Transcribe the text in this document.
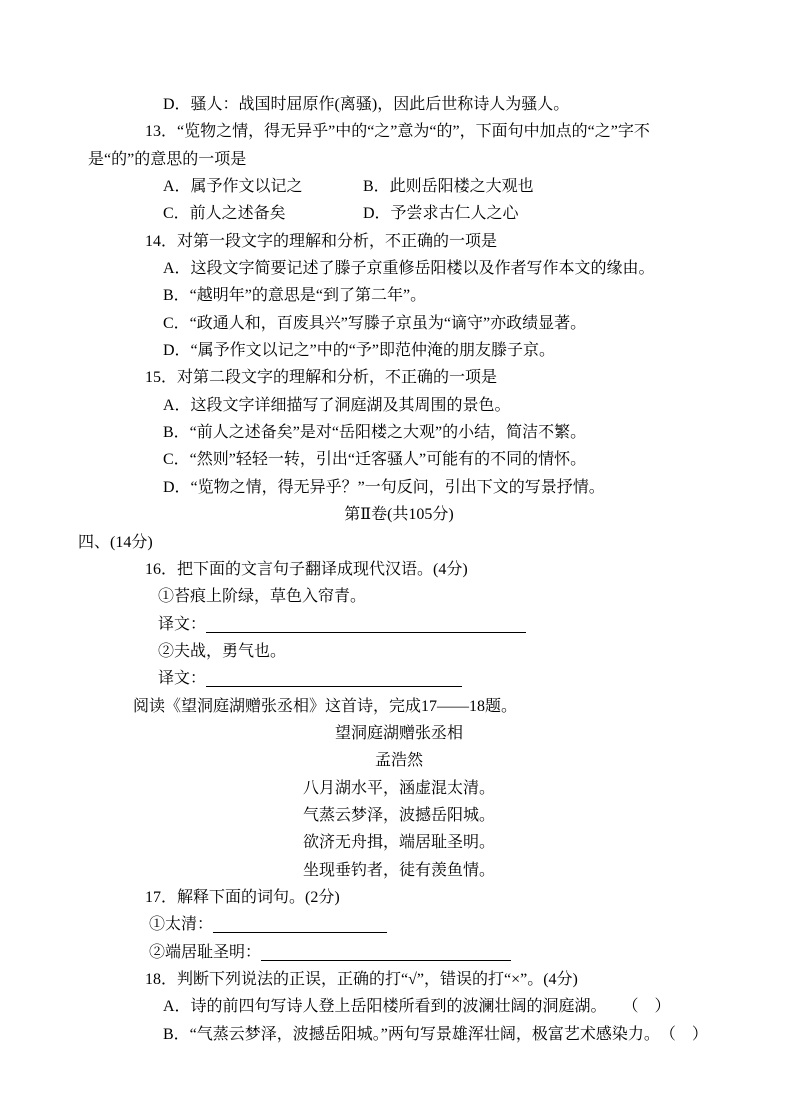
D．骚人：战国时屈原作(离骚)，因此后世称诗人为骚人。
13．“览物之情，得无异乎”中的“之”意为“的”，下面句中加点的“之”字不
是“的”的意思的一项是
A．属予作文以记之	B．此则岳阳楼之大观也
C．前人之述备矣	D．予尝求古仁人之心
14．对第一段文字的理解和分析，不正确的一项是
A．这段文字简要记述了滕子京重修岳阳楼以及作者写作本文的缘由。
B．“越明年”的意思是“到了第二年”。
C．“政通人和，百废具兴”写滕子京虽为“谪守”亦政绩显著。
D．“属予作文以记之”中的“予”即范仲淹的朋友滕子京。
15．对第二段文字的理解和分析，不正确的一项是
A．这段文字详细描写了洞庭湖及其周围的景色。
B．“前人之述备矣”是对“岳阳楼之大观”的小结，简洁不繁。
C．“然则”轻轻一转，引出“迁客骚人”可能有的不同的情怀。
D．“览物之情，得无异乎？”一句反问，引出下文的写景抒情。
第Ⅱ卷(共105分)
四、(14分)
16．把下面的文言句子翻译成现代汉语。(4分)
①苔痕上阶绿，草色入帘青。
译文：
②夫战，勇气也。
译文：
阅读《望洞庭湖赠张丞相》这首诗，完成17——18题。
望洞庭湖赠张丞相
孟浩然
八月湖水平，涵虚混太清。
气蒸云梦泽，波撼岳阳城。
欲济无舟揖，端居耻圣明。
坐现垂钓者，徒有羡鱼情。
17．解释下面的词句。(2分)
①太清：
②端居耻圣明：
18．判断下列说法的正误，正确的打“√”，错误的打“×”。(4分)
A．诗的前四句写诗人登上岳阳楼所看到的波澜壮阔的洞庭湖。　　（　）
B．“气蒸云梦泽，波撼岳阳城。”两句写景雄浑壮阔，极富艺术感染力。　（　）
